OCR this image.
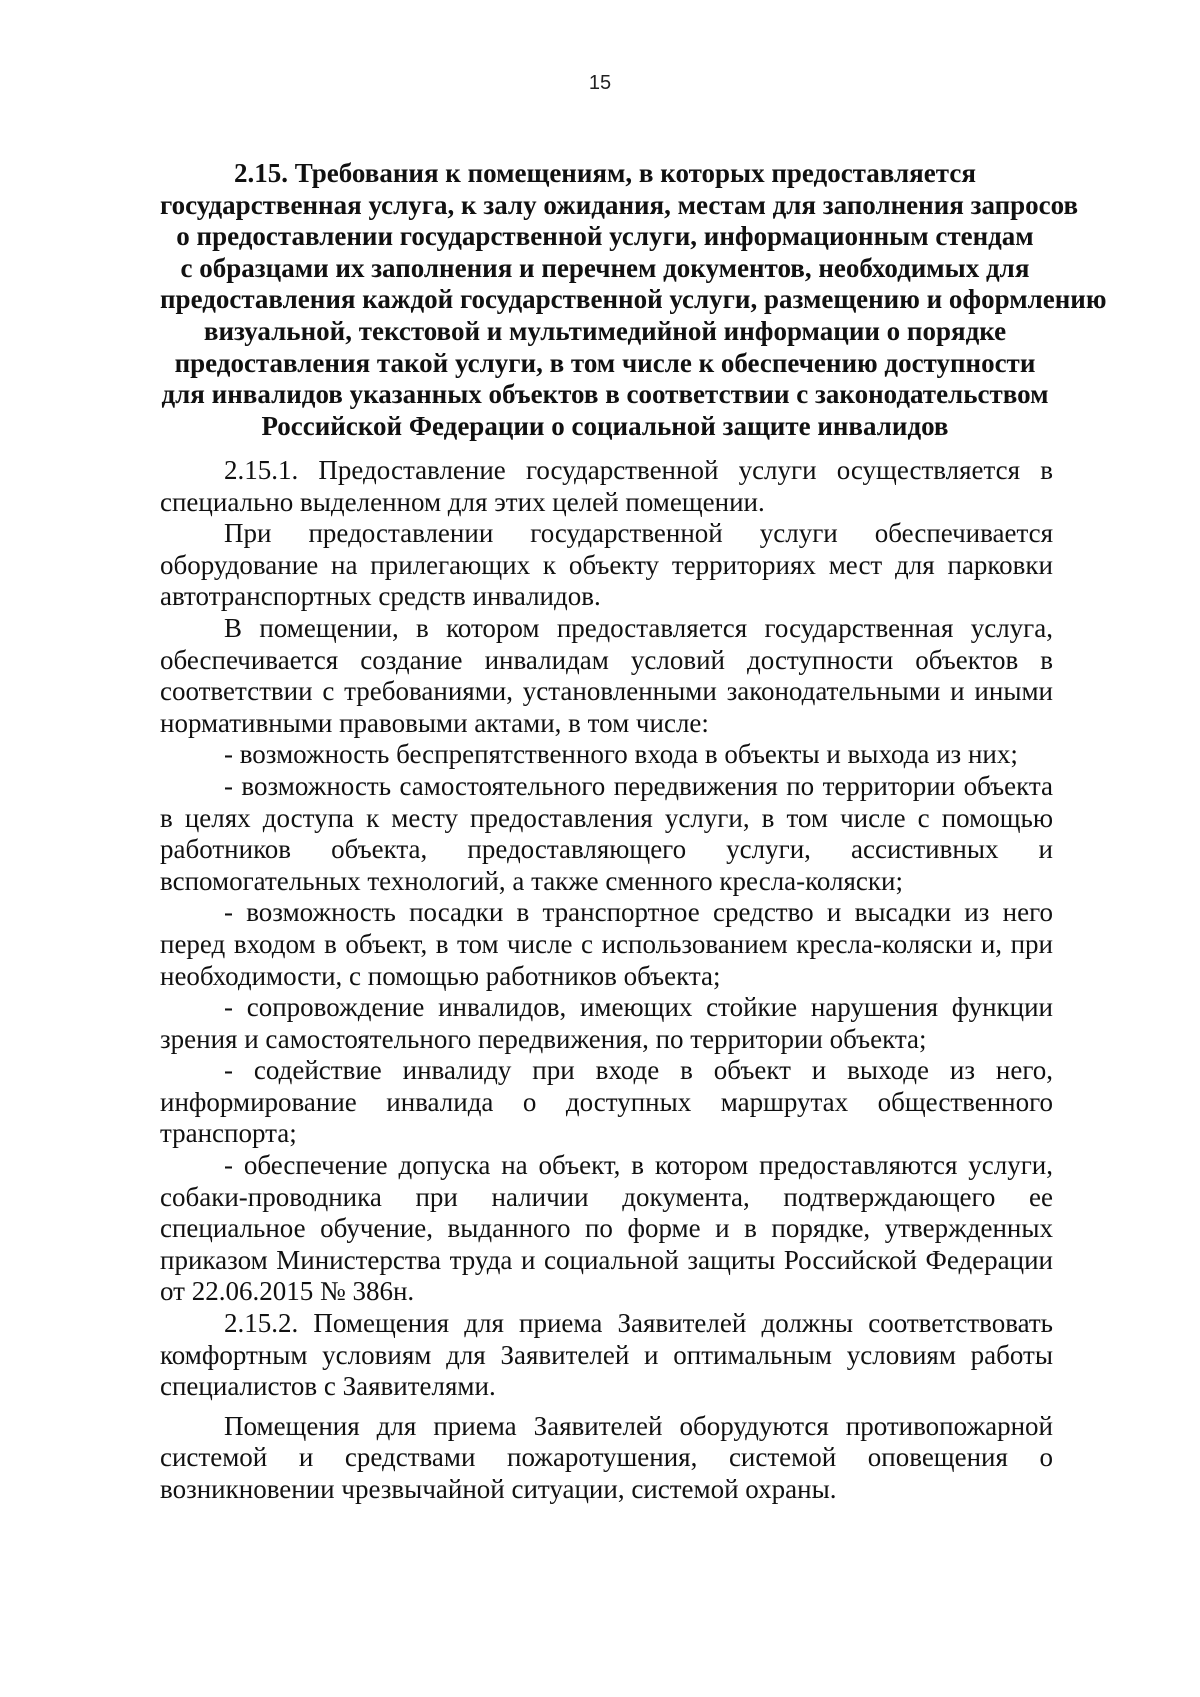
15
2.15. Требования к помещениям, в которых предоставляется
государственная услуга, к залу ожидания, местам для заполнения запросов
о предоставлении государственной услуги, информационным стендам
с образцами их заполнения и перечнем документов, необходимых для
предоставления каждой государственной услуги, размещению и оформлению
визуальной, текстовой и мультимедийной информации о порядке
предоставления такой услуги, в том числе к обеспечению доступности
для инвалидов указанных объектов в соответствии с законодательством
Российской Федерации о социальной защите инвалидов

2.15.1. Предоставление государственной услуги осуществляется в специально выделенном для этих целей помещении.

При предоставлении государственной услуги обеспечивается оборудование на прилегающих к объекту территориях мест для парковки автотранспортных средств инвалидов.

В помещении, в котором предоставляется государственная услуга, обеспечивается создание инвалидам условий доступности объектов в соответствии с требованиями, установленными законодательными и иными нормативными правовыми актами, в том числе:

- возможность беспрепятственного входа в объекты и выхода из них;

- возможность самостоятельного передвижения по территории объекта в целях доступа к месту предоставления услуги, в том числе с помощью работников объекта, предоставляющего услуги, ассистивных и вспомогательных технологий, а также сменного кресла-коляски;

- возможность посадки в транспортное средство и высадки из него перед входом в объект, в том числе с использованием кресла-коляски и, при необходимости, с помощью работников объекта;

- сопровождение инвалидов, имеющих стойкие нарушения функции зрения и самостоятельного передвижения, по территории объекта;

- содействие инвалиду при входе в объект и выходе из него, информирование инвалида о доступных маршрутах общественного транспорта;

- обеспечение допуска на объект, в котором предоставляются услуги, собаки-проводника при наличии документа, подтверждающего ее специальное обучение, выданного по форме и в порядке, утвержденных приказом Министерства труда и социальной защиты Российской Федерации от 22.06.2015 № 386н.

2.15.2. Помещения для приема Заявителей должны соответствовать комфортным условиям для Заявителей и оптимальным условиям работы специалистов с Заявителями.

Помещения для приема Заявителей оборудуются противопожарной системой и средствами пожаротушения, системой оповещения о возникновении чрезвычайной ситуации, системой охраны.
